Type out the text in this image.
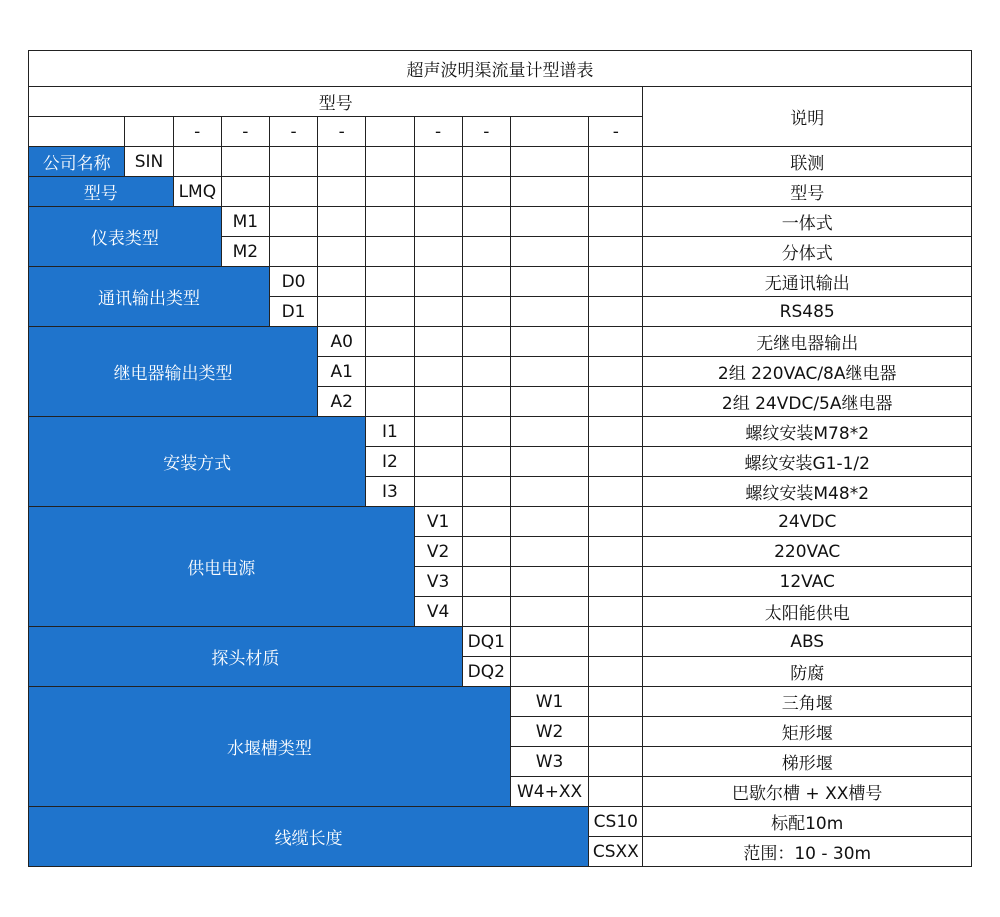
超声波明渠流量计型谱表											
型号											说明
		-	-	-	-		-	-		-	
公司名称	SIN										联测
型号		LMQ									型号
仪表类型			M1								一体式
			M2								分体式
通讯输出类型				D0							无通讯输出
				D1							RS485
继电器输出类型					A0						无继电器输出
					A1						2组 220VAC/8A继电器
					A2						2组 24VDC/5A继电器
安装方式						I1					螺纹安装M78*2
						I2					螺纹安装G1-1/2
						I3					螺纹安装M48*2
供电电源							V1				24VDC
							V2				220VAC
							V3				12VAC
							V4				太阳能供电
探头材质								DQ1			ABS
								DQ2			防腐
水堰槽类型									W1		三角堰
									W2		矩形堰
									W3		梯形堰
									W4+XX		巴歇尔槽 + XX槽号
线缆长度										CS10	标配10m
										CSXX	范围：10 - 30m
